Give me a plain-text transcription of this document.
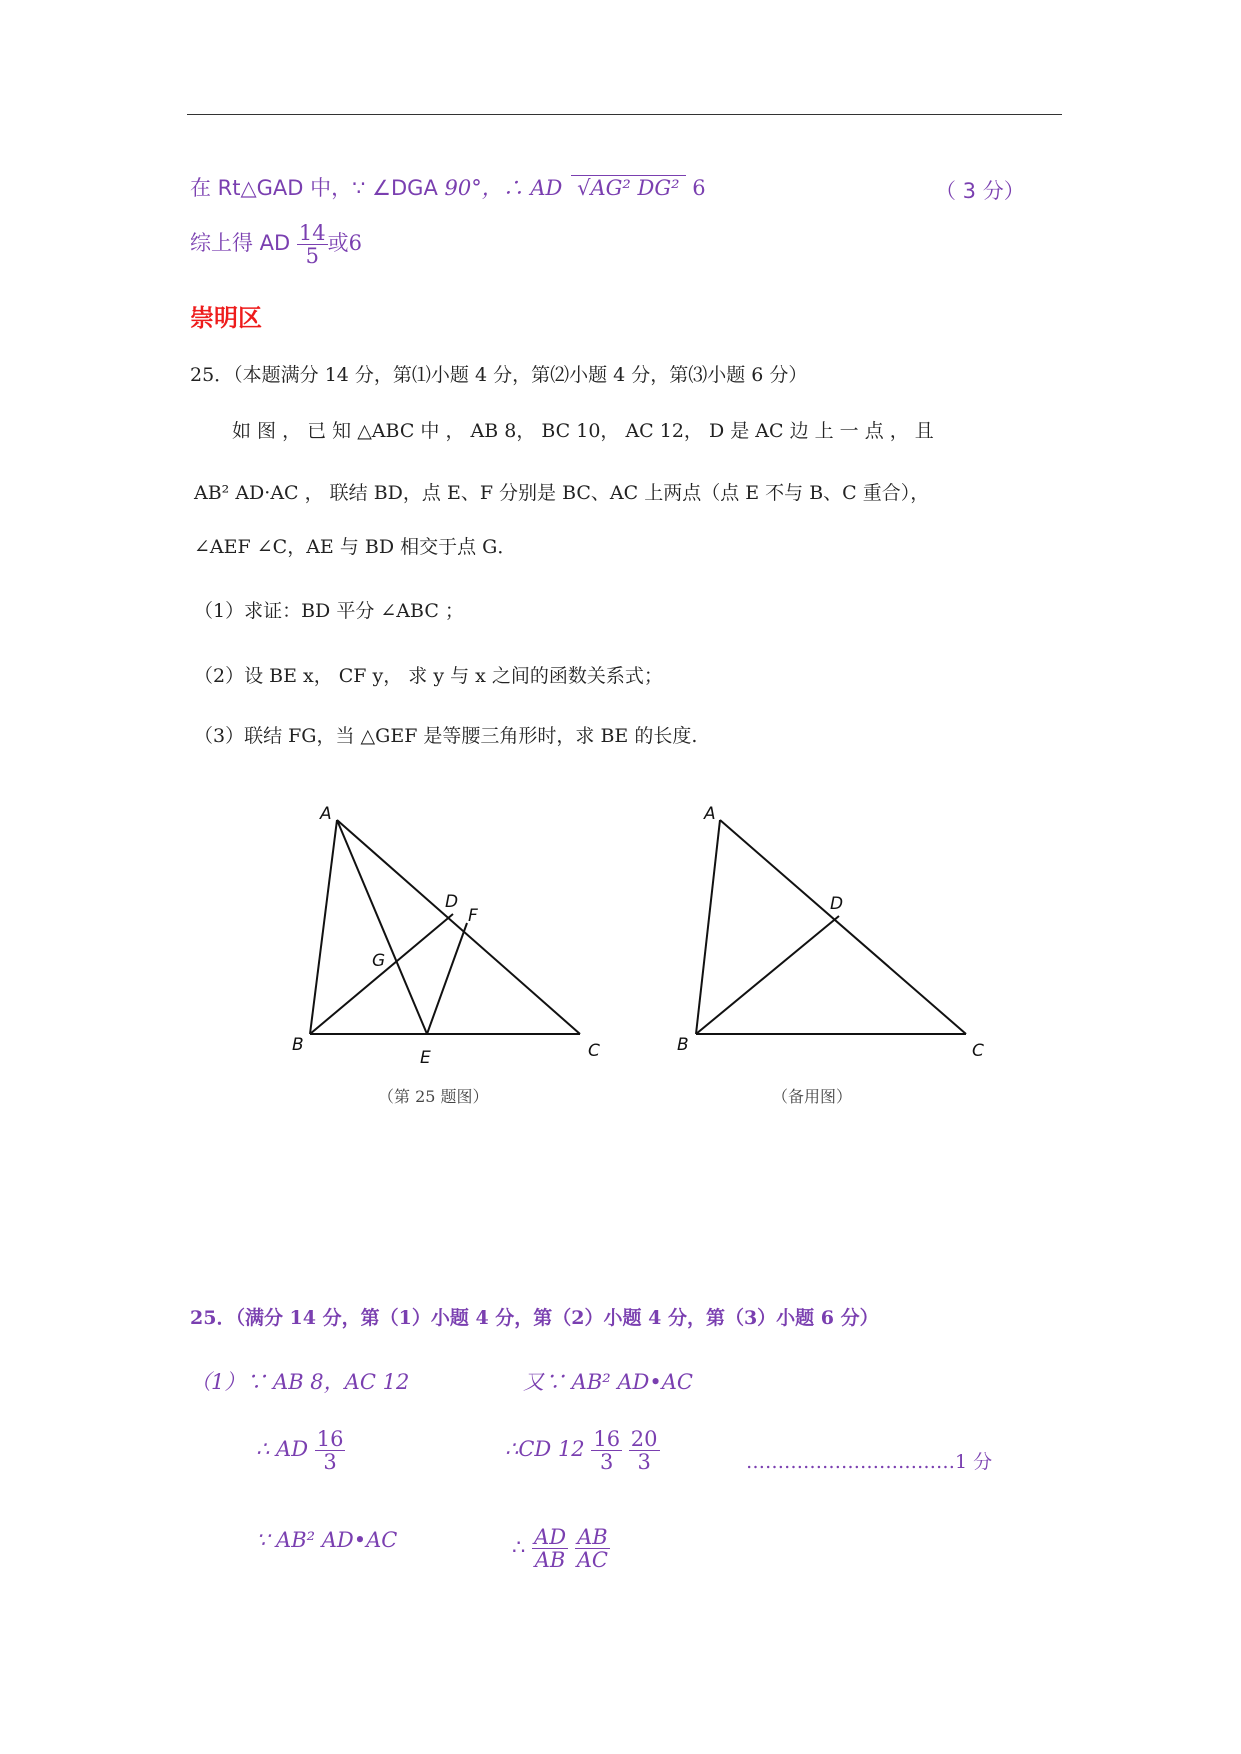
在 Rt△GAD 中，∵ ∠DGA 90°，∴ AD √AG² DG² 6	（ 3 分）
综上得 AD $\frac{14}{5}$ 或6
崇明区
25．（本题满分 14 分，第⑴小题 4 分，第⑵小题 4 分，第⑶小题 6 分）
如 图 ， 已 知 △ABC 中 ， AB 8， BC 10， AC 12， D 是 AC 边 上 一 点 ， 且
AB² AD·AC ， 联结 BD，点 E、F 分别是 BC、AC 上两点（点 E 不与 B、C 重合），
∠AEF ∠C，AE 与 BD 相交于点 G．
（1）求证：BD 平分 ∠ABC ；
（2）设 BE x， CF y， 求 y 与 x 之间的函数关系式；
（3）联结 FG，当 △GEF 是等腰三角形时，求 BE 的长度.
A
B	C
D
E
F
G
A
B	C
D
（第 25 题图）	（备用图）
25．（满分 14 分，第（1）小题 4 分，第（2）小题 4 分，第（3）小题 6 分）
（1）∵ AB 8，AC 12	又∵ AB² AD•AC
∴ AD $\frac{16}{3}$	∴CD $12 \frac{16}{3}$
$\frac{20}{3}$	……………………………1 分
∵ AB² AD•AC	∴ $\frac{AD}{AB}$
$\frac{AB}{AC}$
